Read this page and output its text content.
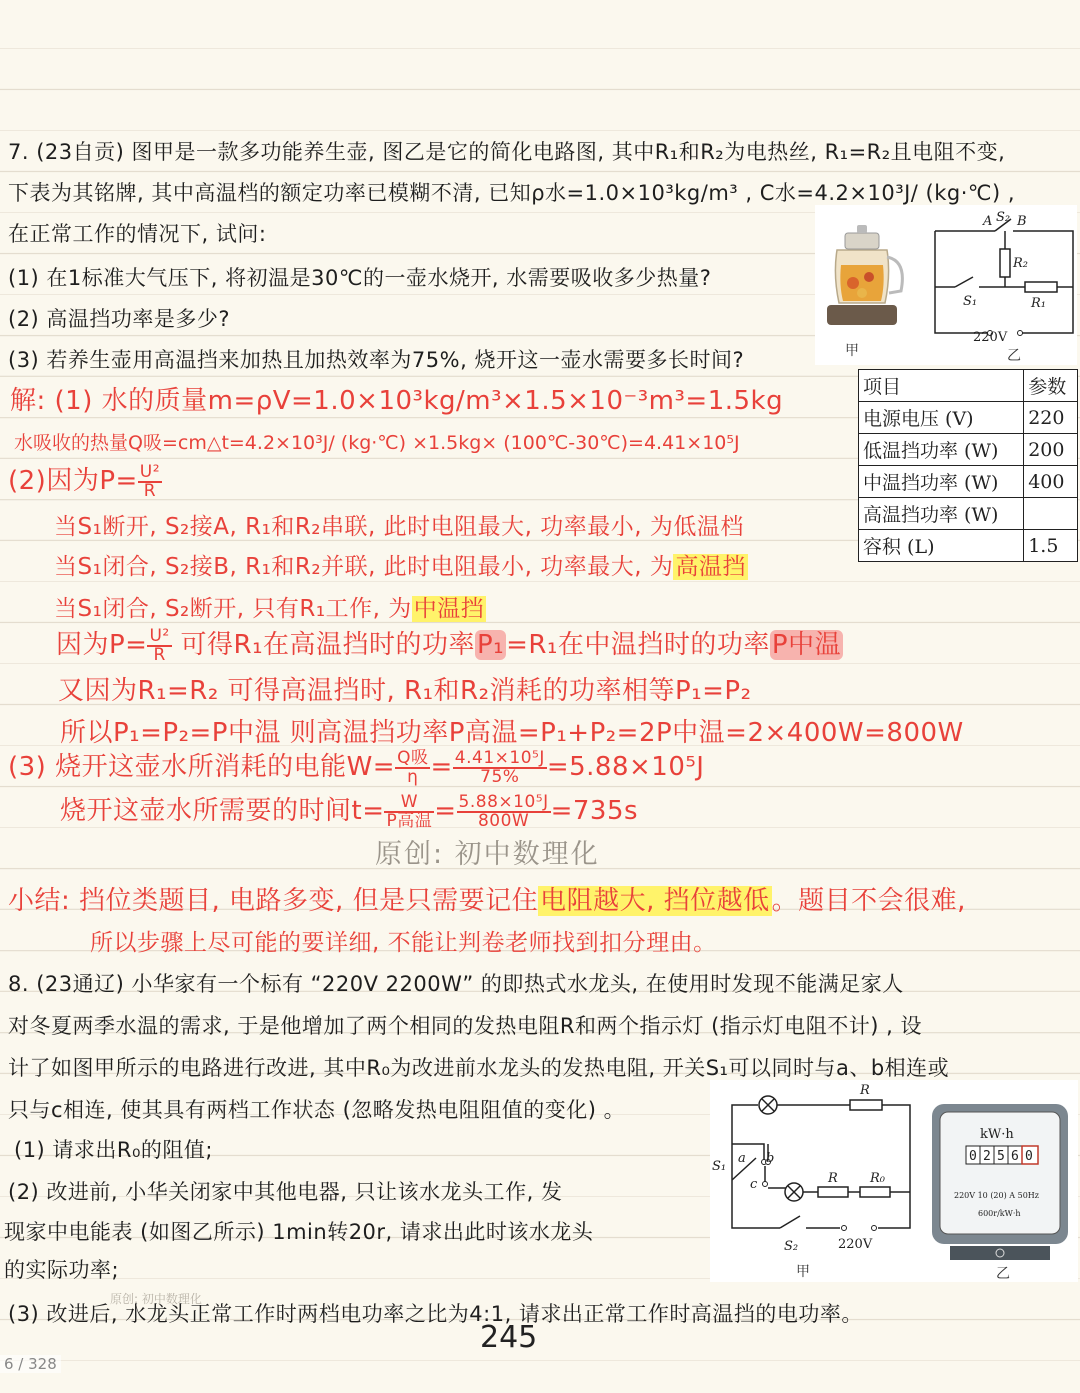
7. (23自贡) 图甲是一款多功能养生壶, 图乙是它的简化电路图, 其中R₁和R₂为电热丝, R₁=R₂且电阻不变,
下表为其铭牌, 其中高温档的额定功率已模糊不清, 已知ρ水=1.0×10³kg/m³ , C水=4.2×10³J/ (kg·℃) ,
在正常工作的情况下, 试问:
(1) 在1标准大气压下, 将初温是30℃的一壶水烧开, 水需要吸收多少热量?
(2) 高温挡功率是多少?
(3) 若养生壶用高温挡来加热且加热效率为75%, 烧开这一壶水需要多长时间?	甲
A S₂ B
R₂
S₁	R₁
220V
乙
项目	参数
电源电压 (V)	220
低温挡功率 (W)	200
中温挡功率 (W)	400
高温挡功率 (W)	
容积 (L)	1.5
解: (1) 水的质量m=ρV=1.0×10³kg/m³×1.5×10⁻³m³=1.5kg
水吸收的热量Q吸=cm△t=4.2×10³J/ (kg·℃) ×1.5kg× (100℃-30℃)=4.41×10⁵J
(2)因为$P= \frac{\text{U²}}{R}$
当S₁断开, S₂接A, R₁和R₂串联, 此时电阻最大, 功率最小, 为低温档
当S₁闭合, S₂接B, R₁和R₂并联, 此时电阻最小, 功率最大, 为高温挡
当S₁闭合, S₂断开, 只有R₁工作, 为中温挡
因为$P= \frac{\text{U²}}{R}$ 可得R₁在高温挡时的功率P₁=R₁在中温挡时的功率P中温
又因为R₁=R₂ 可得高温挡时, R₁和R₂消耗的功率相等P₁=P₂
所以P₁=P₂=P中温 则高温挡功率P高温=P₁+P₂=2P中温=2×400W=800W
(3) 烧开这壶水所消耗的电能$W= \frac{\text{Q吸}}{\eta} = \frac{\text{4.41×10⁵J}}{75\%} =5.88\times 10^5J$
烧开这壶水所需要的时间$t= \frac{W}{\text{P高温}} = \frac{\text{5.88×10⁵J}}{800W} =735s$
原创: 初中数理化
小结: 挡位类题目, 电路多变, 但是只需要记住电阻越大, 挡位越低。题目不会很难,
所以步骤上尽可能的要详细, 不能让判卷老师找到扣分理由。
8. (23通辽) 小华家有一个标有 “220V 2200W” 的即热式水龙头, 在使用时发现不能满足家人
对冬夏两季水温的需求, 于是他增加了两个相同的发热电阻R和两个指示灯 (指示灯电阻不计) , 设
计了如图甲所示的电路进行改进, 其中R₀为改进前水龙头的发热电阻, 开关S₁可以同时与a、b相连或
只与c相连, 使其具有两档工作状态 (忽略发热电阻阻值的变化) 。
(1) 请求出R₀的阻值;
(2) 改进前, 小华关闭家中其他电器, 只让该水龙头工作, 发
现家中电能表 (如图乙所示) 1min转20r, 请求出此时该水龙头
的实际功率;
(3) 改进后, 水龙头正常工作时两档电功率之比为4:1, 请求出正常工作时高温挡的电功率。
R
S₁
a b
c	R R₀
S₂	220V
甲
kW·h
0 2 5 6 0
220V 10 (20) A 50Hz
600r/kW·h
乙
原创: 初中数理化
245
6 / 328
